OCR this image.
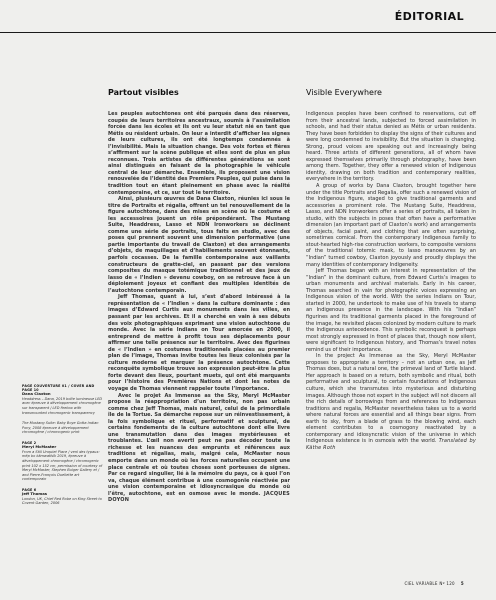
ÉDITORIAL
Partout visibles

Les peuples autochtones ont été parqués dans des réserves, coupés de leurs territoires ancestraux, soumis à l’assimilation forcée dans les écoles et ils ont vu leur statut nié en tant que Métis ou résident urbain. On leur a interdit d’afficher les signes de leurs cultures, ils ont été longtemps condamnés à l’invisibilité. Mais la situation change. Des voix fortes et fières s’affirment sur la scène publique et elles sont de plus en plus reconnues. Trois artistes de différentes générations se sont ainsi distingués en faisant de la photographie le véhicule central de leur démarche. Ensemble, ils proposent une vision renouvelée de l’identité des Premiers Peuples, qui puise dans la tradition tout en étant pleinement en phase avec la réalité contemporaine, et ce, sur tout le territoire.

Ainsi, plusieurs œuvres de Dana Claxton, réunies ici sous le titre de Portraits et régalia, offrent un tel renouvellement de la figure autochtone, dans des mises en scène où le costume et les accessoires jouent un rôle prépondérant. The Mustang Suite, Headdress, Lasso et NDN Ironworkers se déclinent comme une série de portraits, tous faits en studio, avec des poses qui prennent souvent une dimension performative (une partie importante du travail de Claxton) et des arrangements d’objets, de maquillages et d’habillements souvent étonnants, parfois cocasses. De la famille contemporaine aux vaillants constructeurs de gratte-ciel, en passant par des versions composites du masque totémique traditionnel et des jeux de lasso de « l’Indien » devenu cowboy, on se retrouve face à un déploiement joyeux et confiant des multiples identités de l’autochtone contemporain.

Jeff Thomas, quant à lui, s’est d’abord intéressé à la représentation de « l’Indien » dans la culture dominante : des images d’Edward Curtis aux monuments dans les villes, en passant par les archives. Et il a cherché en vain à ses débuts des voix photographiques exprimant une vision autochtone du monde. Avec la série Indians on Tour amorcée en 2000, il entreprend de mettre à profit tous ses déplacements pour affirmer une telle présence sur le territoire. Avec des figurines de « l’Indien » en costumes traditionnels placées au premier plan de l’image, Thomas invite toutes les lieux colonisés par la culture moderne et marquer la présence autochtone. Cette reconquête symbolique trouve son expression peut-être la plus forte devant des lieux, pourtant muets, qui ont été marquants pour l’histoire des Premières Nations et dont les notes de voyage de Thomas viennent rappeler toute l’importance.

Avec le projet As Immense as the Sky, Meryl McMaster propose la réappropriation d’un territoire, non pas urbain comme chez Jeff Thomas, mais naturel, celui de la primordiale île de la Tortue. Sa démarche repose sur un réinvestissement, à la fois symbolique et rituel, performatif et sculptural, de certains fondements de la culture autochtone dont elle livre une transmutation dans des images mystérieuses et troublantes. L’œil non averti peut ne pas décoder toute la richesse et les nuances des emprunts et références aux traditions et régalias, mais, malgré cela, McMaster nous emporte dans un monde où les forces naturelles occupent une place centrale et où toutes choses sont porteuses de signes. Par ce regard singulier, lié à la mémoire du pays, ce à quoi l’on va, chaque élément contribue à une cosmogonie réactivée par une vision contemporaine et idiosyncrasique du monde où l’être, autochtone, est en osmose avec le monde. JACQUES DOYON

Visible Everywhere

Indigenous peoples have been confined to reservations, cut off from their ancestral lands, subjected to forced assimilation in schools, and had their status denied as Métis or urban residents. They have been forbidden to display the signs of their cultures and were long condemned to invisibility. But the situation is changing. Strong, proud voices are speaking out and increasingly being heard. Three artists of different generations, all of whom have expressed themselves primarily through photography, have been among them. Together, they offer a renewed vision of Indigenous identity, drawing on both tradition and contemporary realities, everywhere in the territory.

A group of works by Dana Claxton, brought together here under the title Portraits and Regalia, offer such a renewed vision of the Indigenous figure, staged to give traditional garments and accessories a prominent role. The Mustang Suite, Headdress, Lasso, and NDN Ironworkers offer a series of portraits, all taken in studio, with the subjects in poses that often have a performative dimension (an important part of Claxton’s work) and arrangements of objects, facial paint, and clothing that are often surprising, sometimes comical. From the contemporary Indigenous family to stout-hearted high-rise construction workers, to composite versions of the traditional totemic mask, to lasso manoeuvres by an “Indian” turned cowboy, Claxton joyously and proudly displays the many identities of contemporary Indigeneity.

Jeff Thomas began with an interest in representation of the “Indian” in the dominant culture, from Edward Curtis’s images to urban monuments and archival materials. Early in his career, Thomas searched in vain for photographic voices expressing an Indigenous vision of the world. With the series Indians on Tour, started in 2000, he undertook to make use of his travels to stamp an Indigenous presence in the landscape. With his “Indian” figurines and its traditional garments placed in the foreground of the image, he revisited places colonized by modern culture to mark the Indigenous antecedence. This symbolic reconquest is perhaps most strongly expressed in front of places that, though now silent, were significant to Indigenous history, and Thomas’s travel notes remind us of their importance.

In the project As Immense as the Sky, Meryl McMaster proposes to appropriate a territory – not an urban one, as Jeff Thomas does, but a natural one, the primeval land of Turtle Island. Her approach is based on a return, both symbolic and ritual, both performative and sculptural, to certain foundations of Indigenous culture, which she transmutes into mysterious and disturbing images. Although those not expert in the subject will not discern all the rich details of borrowings from and references to Indigenous traditions and regalia, McMaster nevertheless takes us to a world where natural forces are essential and all things bear signs. From earth to sky, from a blade of grass to the blowing wind, each element contributes to a cosmogony reactivated by a contemporary and idiosyncratic vision of the universe in which Indigenous existence is in osmosis with the world. Translated by Käthe Roth

PAGE COUVERTURE 01 / COVER AND PAGE 10
Dana Claxton
Headdress – Dana, 2019 boîte lumineuse LED avec épreuve à développement chromogène sur transparent / LED firebox with transmounted chromogenic transparency
The Mustang Suite: Baby Boye Gotta Indian Pony, 2008 épreuve à développement chromogène / chromogenic print
PAGE 2
Meryl McMaster
From a Still Unquiet Place / venl des typaux: mép bo kāmwatīsīk 2019, épreuve à développement chromogène / chromogenic print 102 x 152 cm, permission of courtesy of Meryl McMaster, Stephen Bulger Gallery et / and Pierre-François Ouellette art contemporain
PAGE 6
Jeff Thomas
London, UK, Chief Red Robe on King Street to Covent Garden, 2006
CIEL VARIABLE Nº 120 5
